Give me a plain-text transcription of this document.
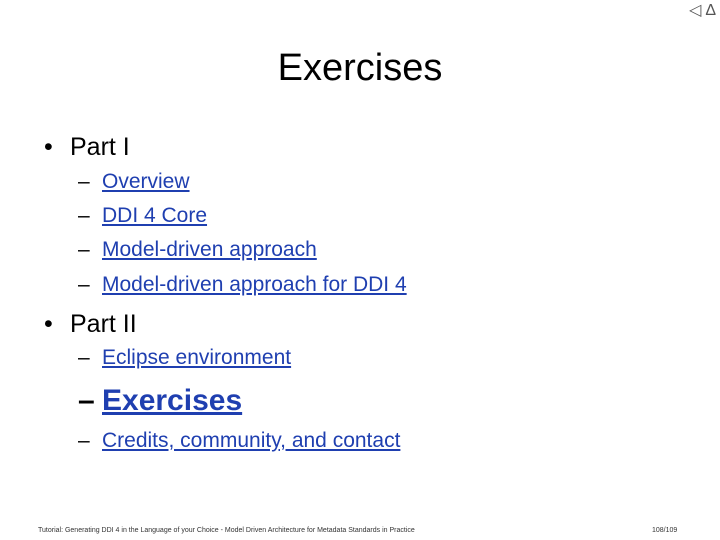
◁ Δ
Exercises
• Part I
– Overview
– DDI 4 Core
– Model-driven approach
– Model-driven approach for DDI 4
• Part II
– Eclipse environment
– Exercises
– Credits, community, and contact
Tutorial: Generating DDI 4 in the Language of your Choice - Model Driven Architecture for Metadata Standards in Practice	108/109
